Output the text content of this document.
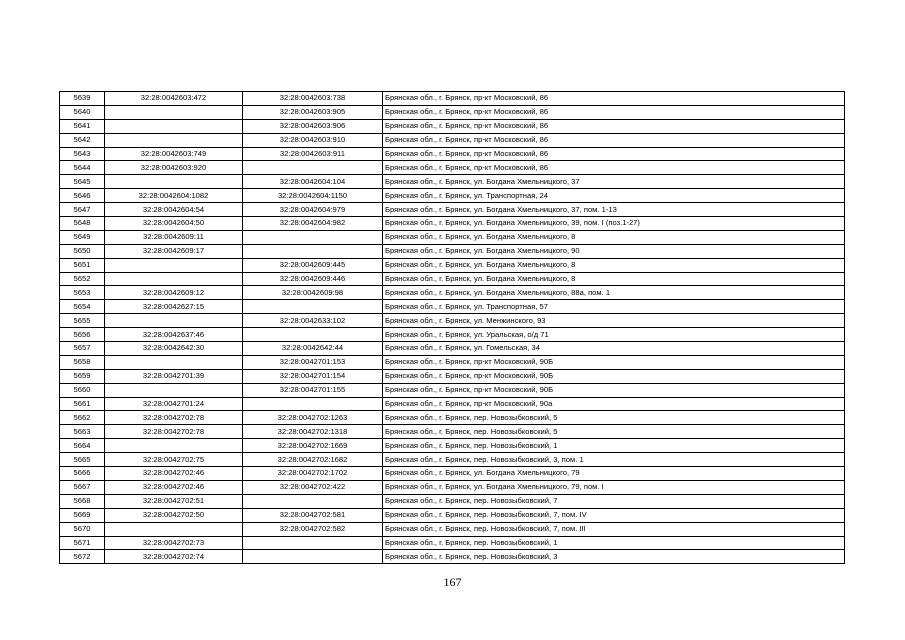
5639	32:28:0042603:472	32:28:0042603:738	Брянская обл., г. Брянск, пр-кт Московский, 86
5640		32:28:0042603:905	Брянская обл., г. Брянск, пр-кт Московский, 86
5641		32:28:0042603:906	Брянская обл., г. Брянск, пр-кт Московский, 86
5642		32:28:0042603:910	Брянская обл., г. Брянск, пр-кт Московский, 86
5643	32:28:0042603:749	32:28:0042603:911	Брянская обл., г. Брянск, пр-кт Московский, 86
5644	32:28:0042603:920		Брянская обл., г. Брянск, пр-кт Московский, 86
5645		32:28:0042604:104	Брянская обл., г. Брянск, ул. Богдана Хмельницкого, 37
5646	32:28:0042604:1082	32:28:0042604:1150	Брянская обл., г. Брянск, ул. Транспортная, 24
5647	32:28:0042604:54	32:28:0042604:979	Брянская обл., г. Брянск, ул. Богдана Хмельницкого, 37, пом. 1-13
5648	32:28:0042604:50	32:28:0042604:982	Брянская обл., г. Брянск, ул. Богдана Хмельницкого, 39, пом. I (поз.1-27)
5649	32:28:0042609:11		Брянская обл., г. Брянск, ул. Богдана Хмельницкого, 8
5650	32:28:0042609:17		Брянская обл., г. Брянск, ул. Богдана Хмельницкого, 90
5651		32:28:0042609:445	Брянская обл., г. Брянск, ул. Богдана Хмельницкого, 8
5652		32:28:0042609:446	Брянская обл., г. Брянск, ул. Богдана Хмельницкого, 8
5653	32:28:0042609:12	32:28:0042609:98	Брянская обл., г. Брянск, ул. Богдана Хмельницкого, 88а, пом. 1
5654	32:28:0042627:15		Брянская обл., г. Брянск, ул. Транспортная, 57
5655		32:28:0042633:102	Брянская обл., г. Брянск, ул. Менжинского, 93
5656	32:28:0042637:46		Брянская обл., г. Брянск, ул. Уральская, о/д 71
5657	32:28:0042642:30	32:28:0042642:44	Брянская обл., г. Брянск, ул. Гомельская, 34
5658		32:28:0042701:153	Брянская обл., г. Брянск, пр-кт Московский, 90Б
5659	32:28:0042701:39	32:28:0042701:154	Брянская обл., г. Брянск, пр-кт Московский, 90Б
5660		32:28:0042701:155	Брянская обл., г. Брянск, пр-кт Московский, 90Б
5661	32:28:0042701:24		Брянская обл., г. Брянск, пр-кт Московский, 90а
5662	32:28:0042702:78	32:28:0042702:1263	Брянская обл., г. Брянск, пер. Новозыбковский, 5
5663	32:28:0042702:78	32:28:0042702:1318	Брянская обл., г. Брянск, пер. Новозыбковский, 5
5664		32:28:0042702:1669	Брянская обл., г. Брянск, пер. Новозыбковский, 1
5665	32:28:0042702:75	32:28:0042702:1682	Брянская обл., г. Брянск, пер. Новозыбковский, 3, пом. 1
5666	32:28:0042702:46	32:28:0042702:1702	Брянская обл., г. Брянск, ул. Богдана Хмельницкого, 79
5667	32:28:0042702:46	32:28:0042702:422	Брянская обл., г. Брянск, ул. Богдана Хмельницкого, 79, пом. I
5668	32:28:0042702:51		Брянская обл., г. Брянск, пер. Новозыбковский, 7
5669	32:28:0042702:50	32:28:0042702:581	Брянская обл., г. Брянск, пер. Новозыбковский, 7, пом. IV
5670		32:28:0042702:582	Брянская обл., г. Брянск, пер. Новозыбковский, 7, пом. III
5671	32:28:0042702:73		Брянская обл., г. Брянск, пер. Новозыбковский, 1
5672	32:28:0042702:74		Брянская обл., г. Брянск, пер. Новозыбковский, 3
167
